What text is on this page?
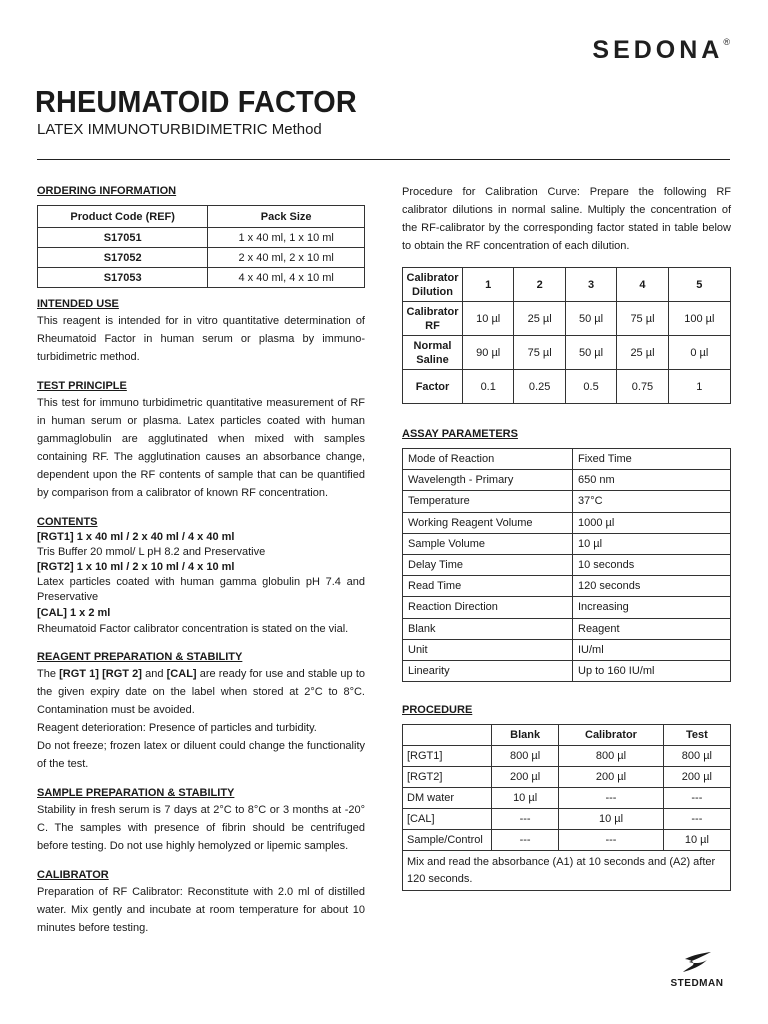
SEDONA®
RHEUMATOID FACTOR
LATEX IMMUNOTURBIDIMETRIC Method
ORDERING INFORMATION
Product Code (REF)	Pack Size
S17051	1 x 40 ml, 1 x 10 ml
S17052	2 x 40 ml, 2 x 10 ml
S17053	4 x 40 ml, 4 x 10 ml
INTENDED USE
This reagent is intended for in vitro quantitative determination of Rheumatoid Factor in human serum or plasma by immuno-turbidimetric method.
TEST PRINCIPLE
This test for immuno turbidimetric quantitative measurement of RF in human serum or plasma. Latex particles coated with human gammaglobulin are agglutinated when mixed with samples containing RF. The agglutination causes an absorbance change, dependent upon the RF contents of sample that can be quantified by comparison from a calibrator of known RF concentration.
CONTENTS
[RGT1] 1 x 40 ml / 2 x 40 ml / 4 x 40 ml
Tris Buffer 20 mmol/ L pH 8.2 and Preservative
[RGT2] 1 x 10 ml / 2 x 10 ml / 4 x 10 ml
Latex particles coated with human gamma globulin pH 7.4 and Preservative
[CAL] 1 x 2 ml
Rheumatoid Factor calibrator concentration is stated on the vial.
REAGENT PREPARATION & STABILITY
The [RGT 1] [RGT 2] and [CAL] are ready for use and stable up to the given expiry date on the label when stored at 2°C to 8°C. Contamination must be avoided.
Reagent deterioration: Presence of particles and turbidity.
Do not freeze; frozen latex or diluent could change the functionality of the test.
SAMPLE PREPARATION & STABILITY
Stability in fresh serum is 7 days at 2°C to 8°C or 3 months at -20° C. The samples with presence of fibrin should be centrifuged before testing. Do not use highly hemolyzed or lipemic samples.
CALIBRATOR
Preparation of RF Calibrator: Reconstitute with 2.0 ml of distilled water. Mix gently and incubate at room temperature for about 10 minutes before testing.
Procedure for Calibration Curve: Prepare the following RF calibrator dilutions in normal saline. Multiply the concentration of the RF-calibrator by the corresponding factor stated in table below to obtain the RF concentration of each dilution.
Calibrator Dilution	1	2	3	4	5
Calibrator RF	10 µl	25 µl	50 µl	75 µl	100 µl
Normal Saline	90 µl	75 µl	50 µl	25 µl	0 µl
Factor	0.1	0.25	0.5	0.75	1
ASSAY PARAMETERS
Mode of Reaction	Fixed Time
Wavelength - Primary	650 nm
Temperature	37°C
Working Reagent Volume	1000 µl
Sample Volume	10 µl
Delay Time	10 seconds
Read Time	120 seconds
Reaction Direction	Increasing
Blank	Reagent
Unit	IU/ml
Linearity	Up to 160 IU/ml
PROCEDURE
	Blank	Calibrator	Test
[RGT1]	800 µl	800 µl	800 µl
[RGT2]	200 µl	200 µl	200 µl
DM water	10 µl	---	---
[CAL]	---	10 µl	---
Sample/Control	---	---	10 µl
Mix and read the absorbance (A1) at 10 seconds and (A2) after 120 seconds.			
STEDMAN
